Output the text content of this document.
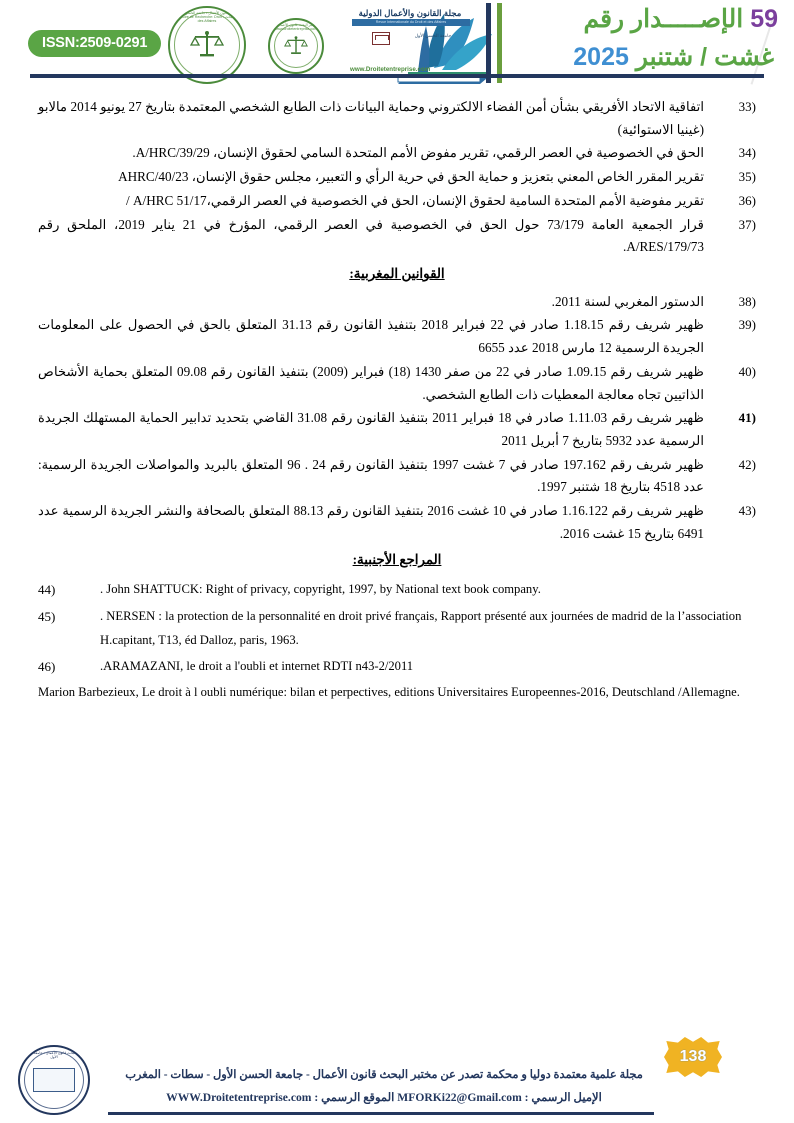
ISSN:2509-0291
البحث: قانون الأعمال • جامعة الحسن الأول • مختبر البحث • Laboratoire de Recherche: Droit des Affaires
مختبر البحث قانون الأعمال • www.droitetentreprise.com
مجلة القانون والأعمال الدولية
Revue Internationale du Droit et des Affaires
جامعة الحسن الأول
www.Droitetentreprise.com
59 الإصـــــدار رقم
غشت / شتنبر 2025
33)
اتفاقية الاتحاد الأفريقي بشأن أمن الفضاء الالكتروني وحماية البيانات ذات الطابع الشخصي المعتمدة بتاريخ 27 يونيو 2014 مالابو (غينيا الاستوائية)
34)
الحق في الخصوصية في العصر الرقمي، تقرير مفوض الأمم المتحدة السامي لحقوق الإنسان، A/HRC/39/29.
35)
تقرير المقرر الخاص المعني بتعزيز و حماية الحق في حرية الرأي و التعبير، مجلس حقوق الإنسان، AHRC/40/23
36)
تقرير مفوضية الأمم المتحدة السامية لحقوق الإنسان، الحق في الخصوصية في العصر الرقمي،A/HRC 51/17 /
37)
قرار الجمعية العامة 73/179 حول الحق في الخصوصية في العصر الرقمي، المؤرخ في 21 يناير 2019، الملحق رقم A/RES/179/73.
القوانين المغربية:
38)
الدستور المغربي لسنة 2011.
39)
ظهير شريف رقم 1.18.15 صادر في 22 فبراير 2018 بتنفيذ القانون رقم 31.13 المتعلق بالحق في الحصول على المعلومات الجريدة الرسمية 12 مارس 2018 عدد 6655
40)
ظهير شريف رقم 1.09.15 صادر في 22 من صفر 1430 (18) فبراير (2009) بتنفيذ القانون رقم 09.08 المتعلق بحماية الأشخاص الذاتيين تجاه معالجة المعطيات ذات الطابع الشخصي.
41)
ظهير شريف رقم 1.11.03 صادر في 18 فبراير 2011 بتنفيذ القانون رقم 31.08 القاضي بتحديد تدابير الحماية المستهلك الجريدة الرسمية عدد 5932 بتاريخ 7 أبريل 2011
42)
ظهير شريف رقم 197.162 صادر في 7 غشت 1997 بتنفيذ القانون رقم 24 . 96 المتعلق بالبريد والمواصلات الجريدة الرسمية: عدد 4518 بتاريخ 18 شتنبر 1997.
43)
ظهير شريف رقم 1.16.122 صادر في 10 غشت 2016 بتنفيذ القانون رقم 88.13 المتعلق بالصحافة والنشر الجريدة الرسمية عدد 6491 بتاريخ 15 غشت 2016.
المراجع الأجنبية:
44)	. John SHATTUCK: Right of privacy, copyright, 1997, by National text book company.
45)	. NERSEN : la protection de la personnalité en droit privé français, Rapport présenté aux journées de madrid de la l’association H.capitant, T13, éd Dalloz, paris, 1963.
46)	.ARAMAZANI, le droit a l'oubli et internet RDTI n43-2/2011
Marion Barbezieux, Le droit à l oubli numérique: bilan et perpectives, editions Universitaires Europeennes-2016, Deutschland /Allemagne.
138
مختبر البحث قانون الأعمال • جامعة الحسن الأول
مجلة علمية معتمدة دوليا و محكمة تصدر عن مختبر البحث قانون الأعمال - جامعة الحسن الأول - سطات - المغرب
الإميل الرسمي : MFORKi22@Gmail.com الموقع الرسمي : WWW.Droitetentreprise.com
